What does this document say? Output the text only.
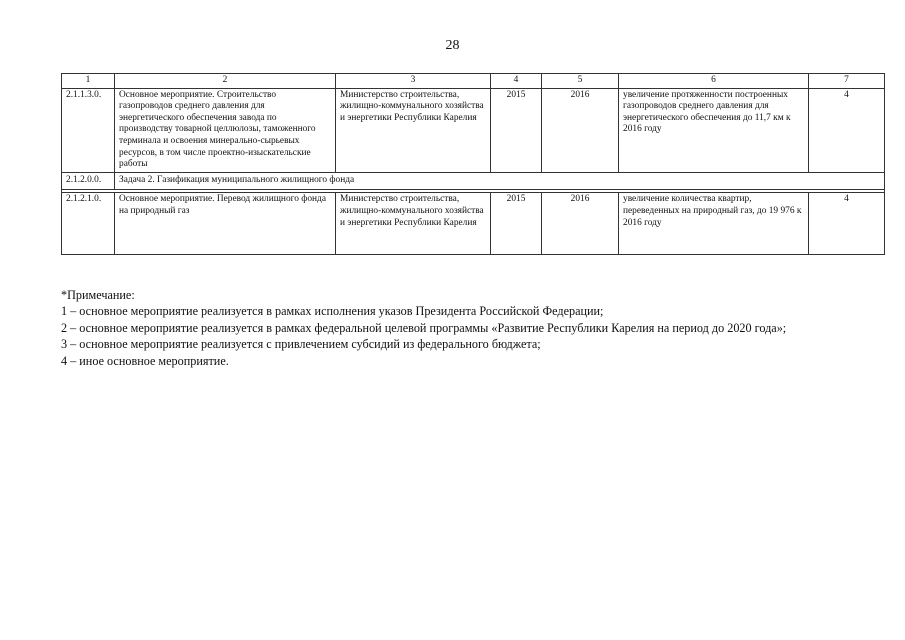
28
1	2	3	4	5	6	7
2.1.1.3.0.	Основное мероприятие. Строительство газопроводов среднего давления для энергетического обеспечения завода по производству товарной целлюлозы, таможенного терминала и освоения минерально-сырьевых ресурсов, в том числе проектно-изыскательские работы	Министерство строительства, жилищно-коммунального хозяйства и энергетики Республики Карелия	2015	2016	увеличение протяженности построенных газопроводов среднего давления для энергетического обеспечения до 11,7 км к 2016 году	4
2.1.2.0.0.	Задача 2. Газификация муниципального жилищного фонда					

2.1.2.1.0.	Основное мероприятие. Перевод жилищного фонда на природный газ	Министерство строительства, жилищно-коммунального хозяйства и энергетики Республики Карелия	2015	2016	увеличение количества квартир, переведенных на природный газ, до 19 976 к 2016 году	4
*Примечание:
1 – основное мероприятие реализуется в рамках исполнения указов Президента Российской Федерации;
2 – основное мероприятие реализуется в рамках федеральной целевой программы «Развитие Республики Карелия на период до 2020 года»;
3 – основное мероприятие реализуется с привлечением субсидий из федерального бюджета;
4 – иное основное мероприятие.
